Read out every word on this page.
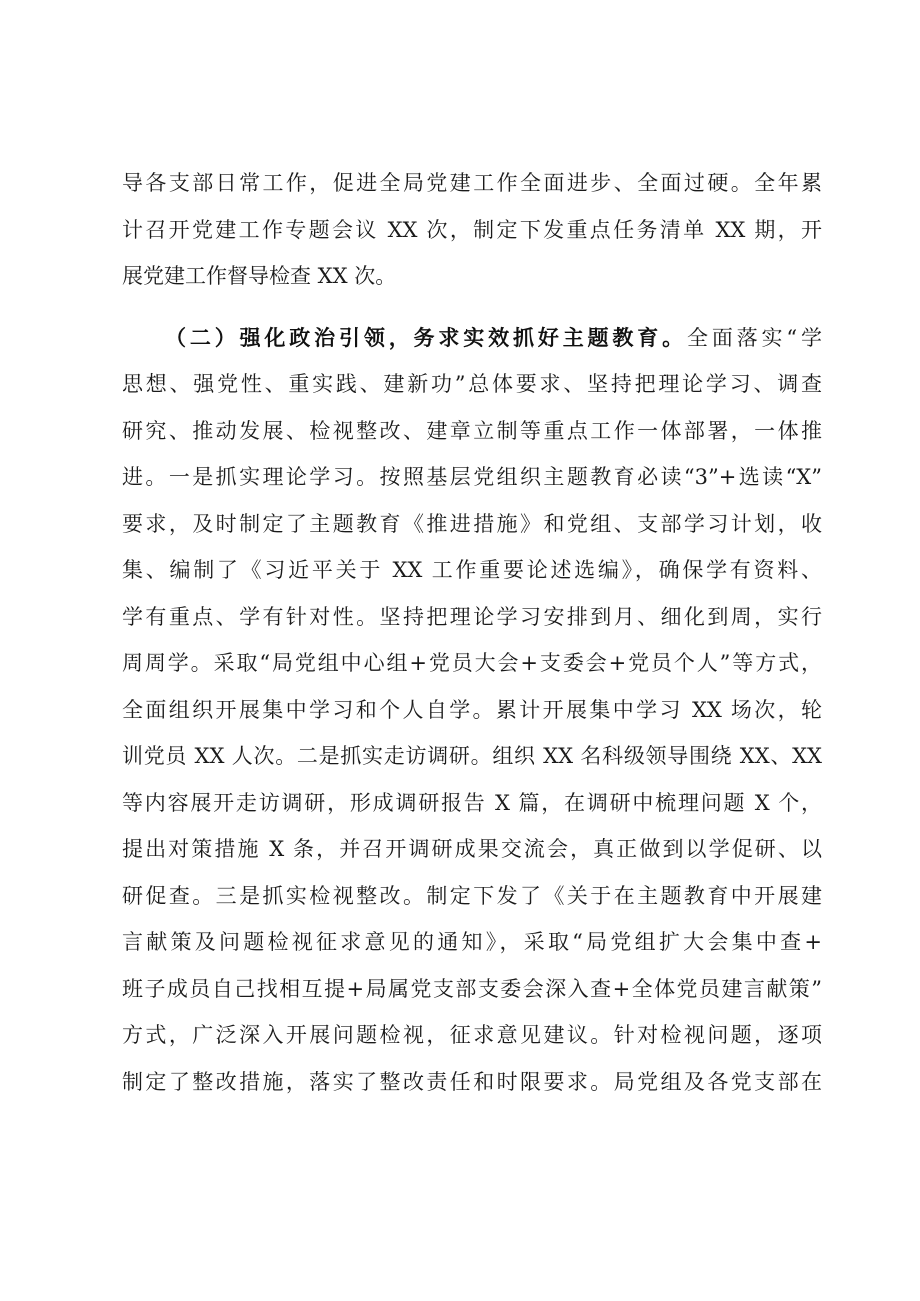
导各支部日常工作，促进全局党建工作全面进步、全面过硬。全年累
计召开党建工作专题会议 XX 次，制定下发重点任务清单 XX 期，开
展党建工作督导检查 XX 次。
（二）强化政治引领，务求实效抓好主题教育。全面落实“学
思想、强党性、重实践、建新功”总体要求、坚持把理论学习、调查
研究、推动发展、检视整改、建章立制等重点工作一体部署，一体推
进。一是抓实理论学习。按照基层党组织主题教育必读“3”+选读“X”
要求，及时制定了主题教育《推进措施》和党组、支部学习计划，收
集、编制了《习近平关于 XX 工作重要论述选编》，确保学有资料、
学有重点、学有针对性。坚持把理论学习安排到月、细化到周，实行
周周学。采取“局党组中心组+党员大会+支委会+党员个人”等方式，
全面组织开展集中学习和个人自学。累计开展集中学习 XX 场次，轮
训党员 XX 人次。二是抓实走访调研。组织 XX 名科级领导围绕 XX、XX
等内容展开走访调研，形成调研报告 X 篇，在调研中梳理问题 X 个，
提出对策措施 X 条，并召开调研成果交流会，真正做到以学促研、以
研促查。三是抓实检视整改。制定下发了《关于在主题教育中开展建
言献策及问题检视征求意见的通知》，采取“局党组扩大会集中查+
班子成员自己找相互提+局属党支部支委会深入查+全体党员建言献策”
方式，广泛深入开展问题检视，征求意见建议。针对检视问题，逐项
制定了整改措施，落实了整改责任和时限要求。局党组及各党支部在
